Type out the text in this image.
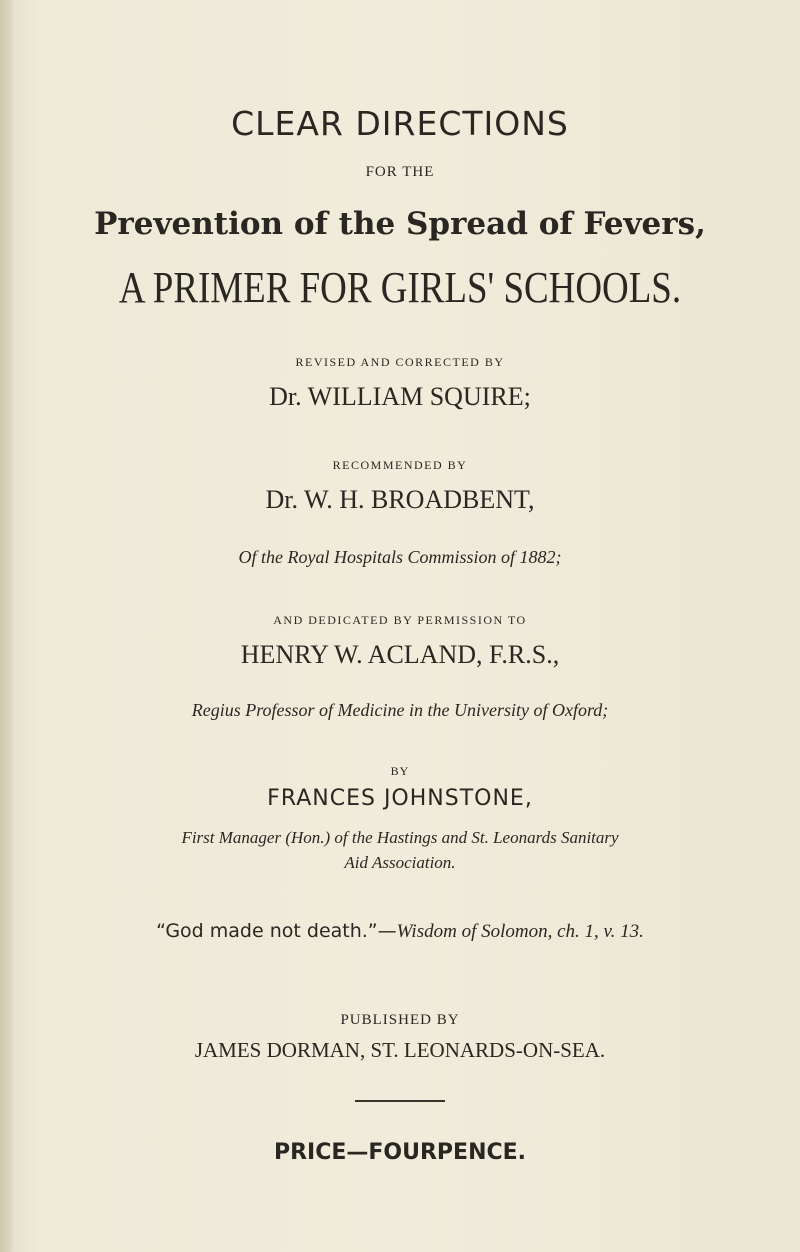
CLEAR DIRECTIONS
FOR THE
Prevention of the Spread of Fevers,
A PRIMER FOR GIRLS' SCHOOLS.
REVISED AND CORRECTED BY
Dr. WILLIAM SQUIRE;
RECOMMENDED BY
Dr. W. H. BROADBENT,
Of the Royal Hospitals Commission of 1882;
AND DEDICATED BY PERMISSION TO
HENRY W. ACLAND, F.R.S.,
Regius Professor of Medicine in the University of Oxford;
BY
FRANCES JOHNSTONE,
First Manager (Hon.) of the Hastings and St. Leonards Sanitary
Aid Association.
“God made not death.”—Wisdom of Solomon, ch. 1, v. 13.
PUBLISHED BY
JAMES DORMAN, ST. LEONARDS-ON-SEA.
PRICE—FOURPENCE.
